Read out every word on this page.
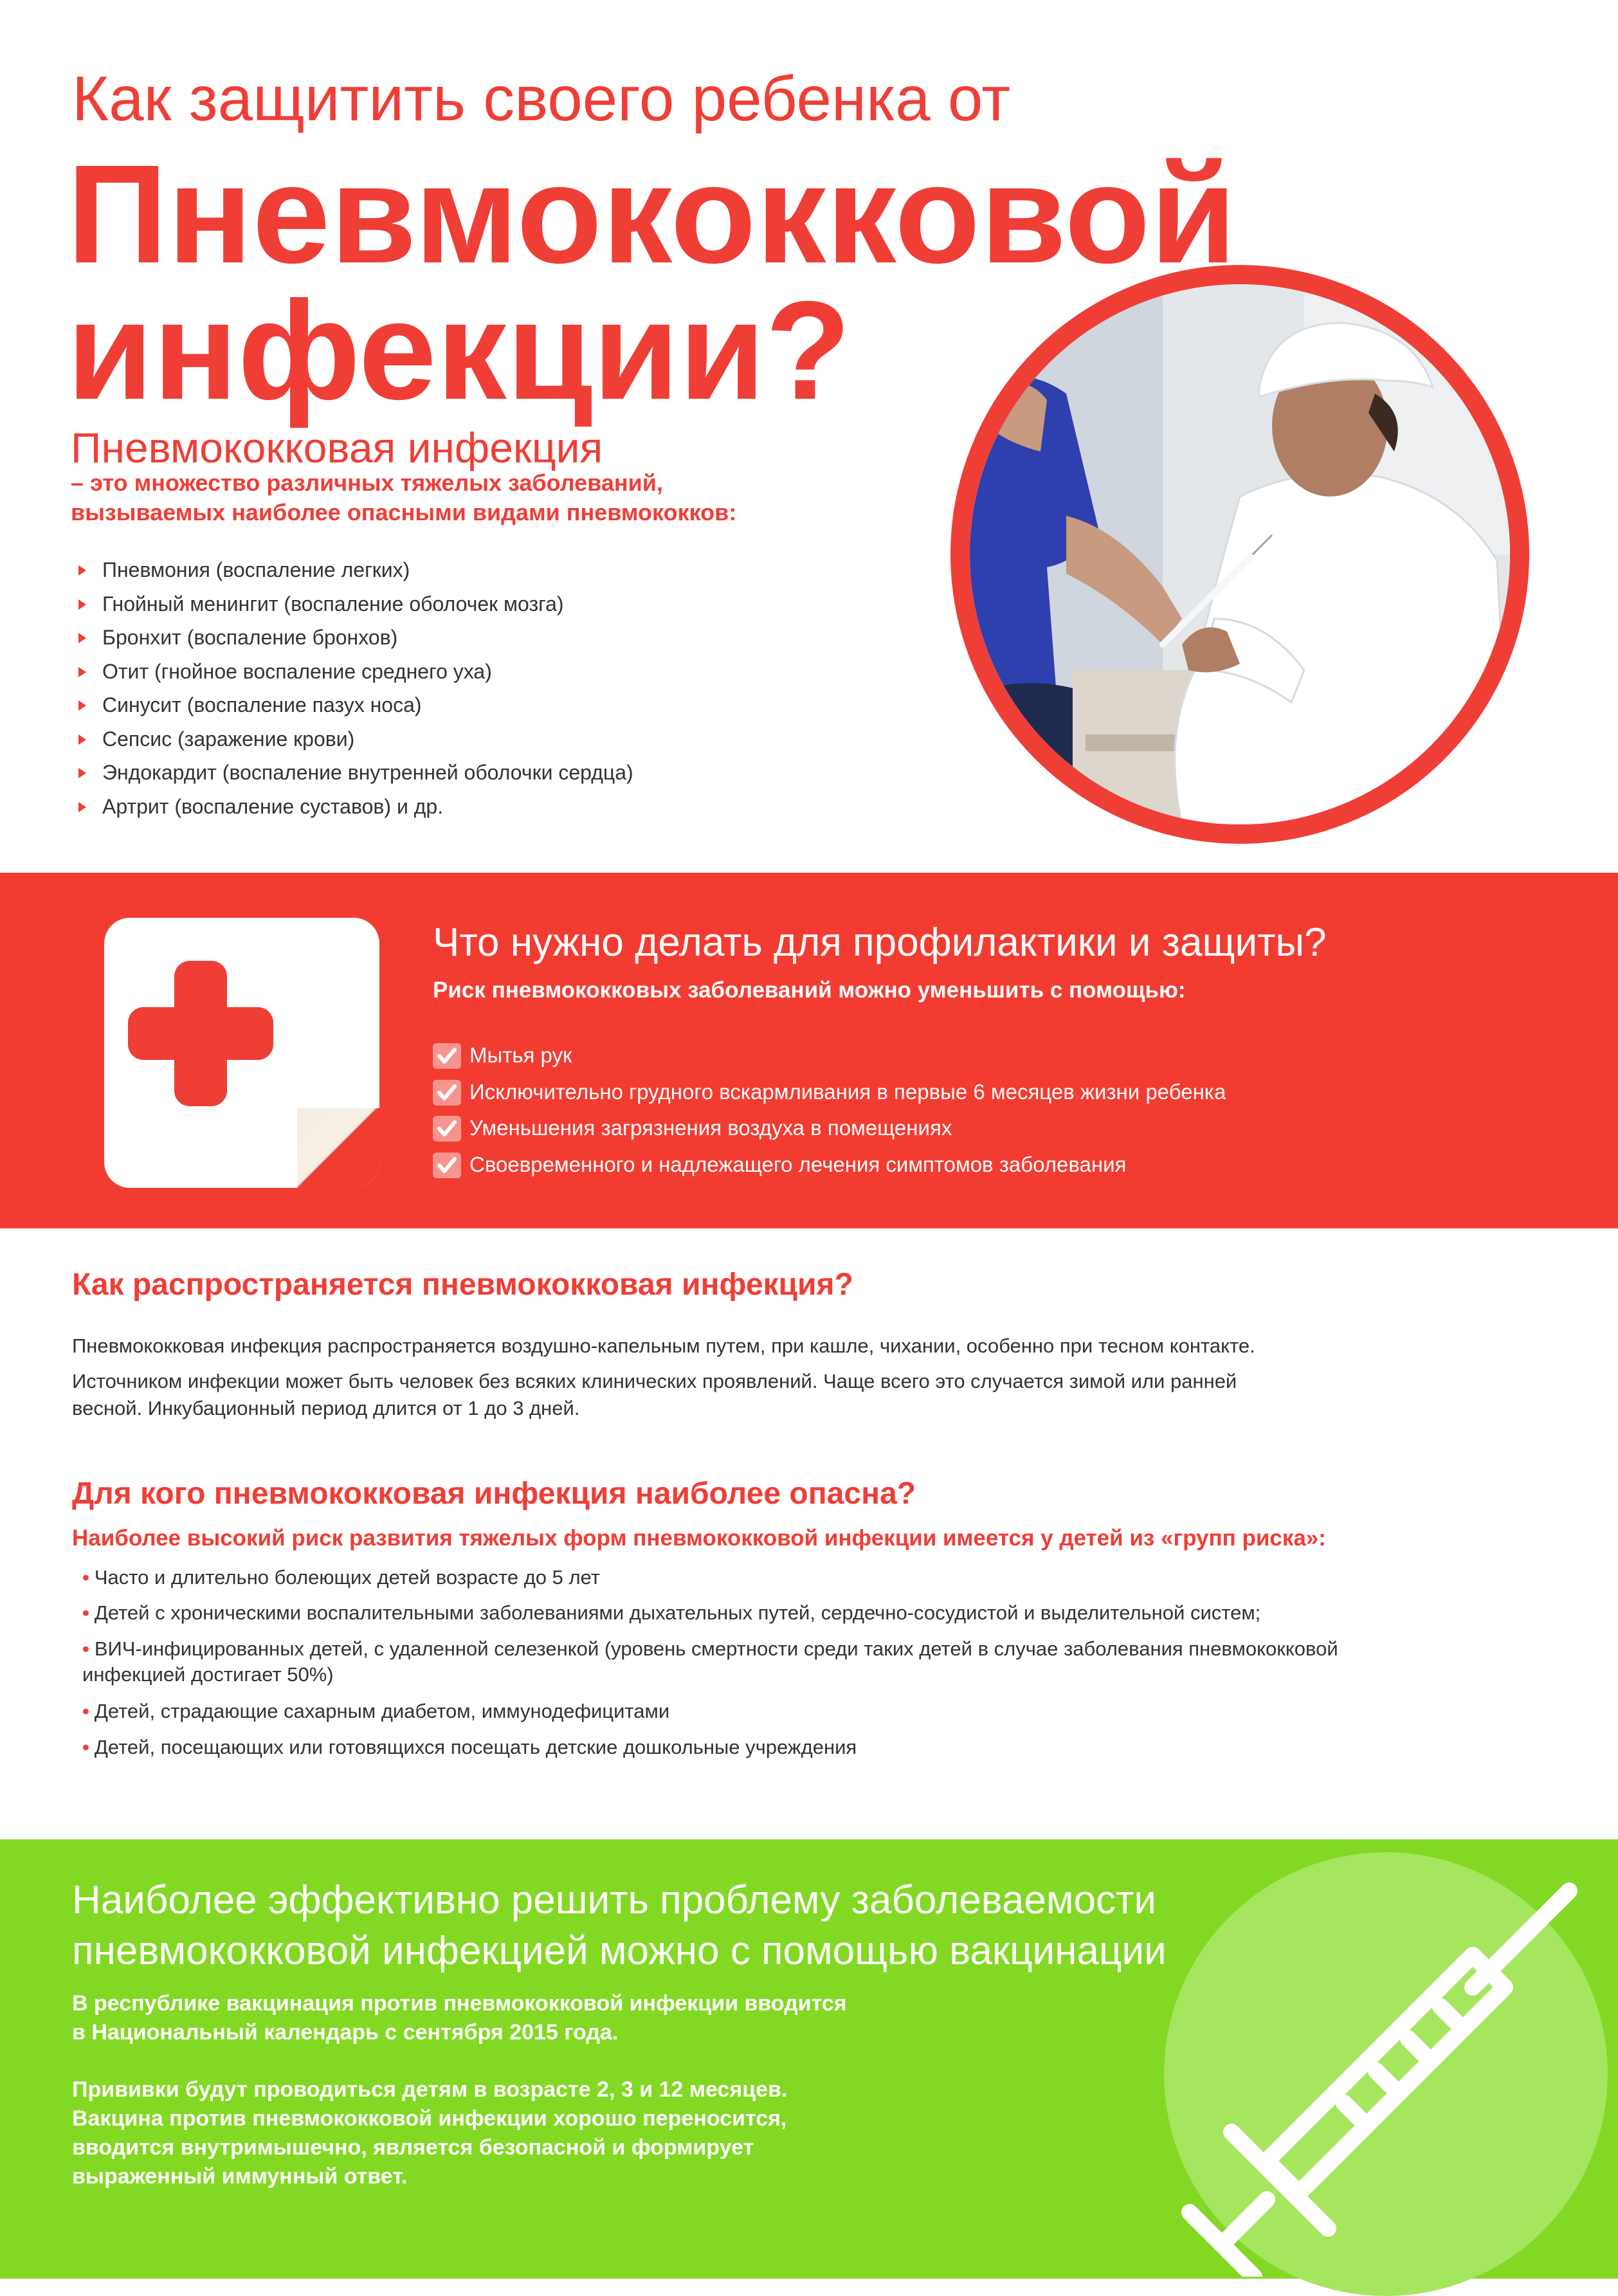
Как защитить своего ребенка от
Пневмококковой
инфекции?
Пневмококковая инфекция
– это множество различных тяжелых заболеваний,
вызываемых наиболее опасными видами пневмококков:
Пневмония (воспаление легких)
Гнойный менингит (воспаление оболочек мозга)
Бронхит (воспаление бронхов)
Отит (гнойное воспаление среднего уха)
Синусит (воспаление пазух носа)
Сепсис (заражение крови)
Эндокардит (воспаление внутренней оболочки сердца)
Артрит (воспаление суставов) и др.
Что нужно делать для профилактики и защиты?
Риск пневмококковых заболеваний можно уменьшить с помощью:
Мытья рук
Исключительно грудного вскармливания в первые 6 месяцев жизни ребенка
Уменьшения загрязнения воздуха в помещениях
Своевременного и надлежащего лечения симптомов заболевания
Как распространяется пневмококковая инфекция?
Пневмококковая инфекция распространяется воздушно-капельным путем, при кашле, чихании, особенно при тесном контакте.
Источником инфекции может быть человек без всяких клинических проявлений. Чаще всего это случается зимой или ранней
весной. Инкубационный период длится от 1 до 3 дней.
Для кого пневмококковая инфекция наиболее опасна?
Наиболее высокий риск развития тяжелых форм пневмококковой инфекции имеется у детей из «групп риска»:
• Часто и длительно болеющих детей возрасте до 5 лет
• Детей с хроническими воспалительными заболеваниями дыхательных путей, сердечно-сосудистой и выделительной систем;
• ВИЧ-инфицированных детей, с удаленной селезенкой (уровень смертности среди таких детей в случае заболевания пневмококковой
инфекцией достигает 50%)
• Детей, страдающие сахарным диабетом, иммунодефицитами
• Детей, посещающих или готовящихся посещать детские дошкольные учреждения
Наиболее эффективно решить проблему заболеваемости
пневмококковой инфекцией можно с помощью вакцинации
В республике вакцинация против пневмококковой инфекции вводится
в Национальный календарь с сентября 2015 года.
Прививки будут проводиться детям в возрасте 2, 3 и 12 месяцев.
Вакцина против пневмококковой инфекции хорошо переносится,
вводится внутримышечно, является безопасной и формирует
выраженный иммунный ответ.
